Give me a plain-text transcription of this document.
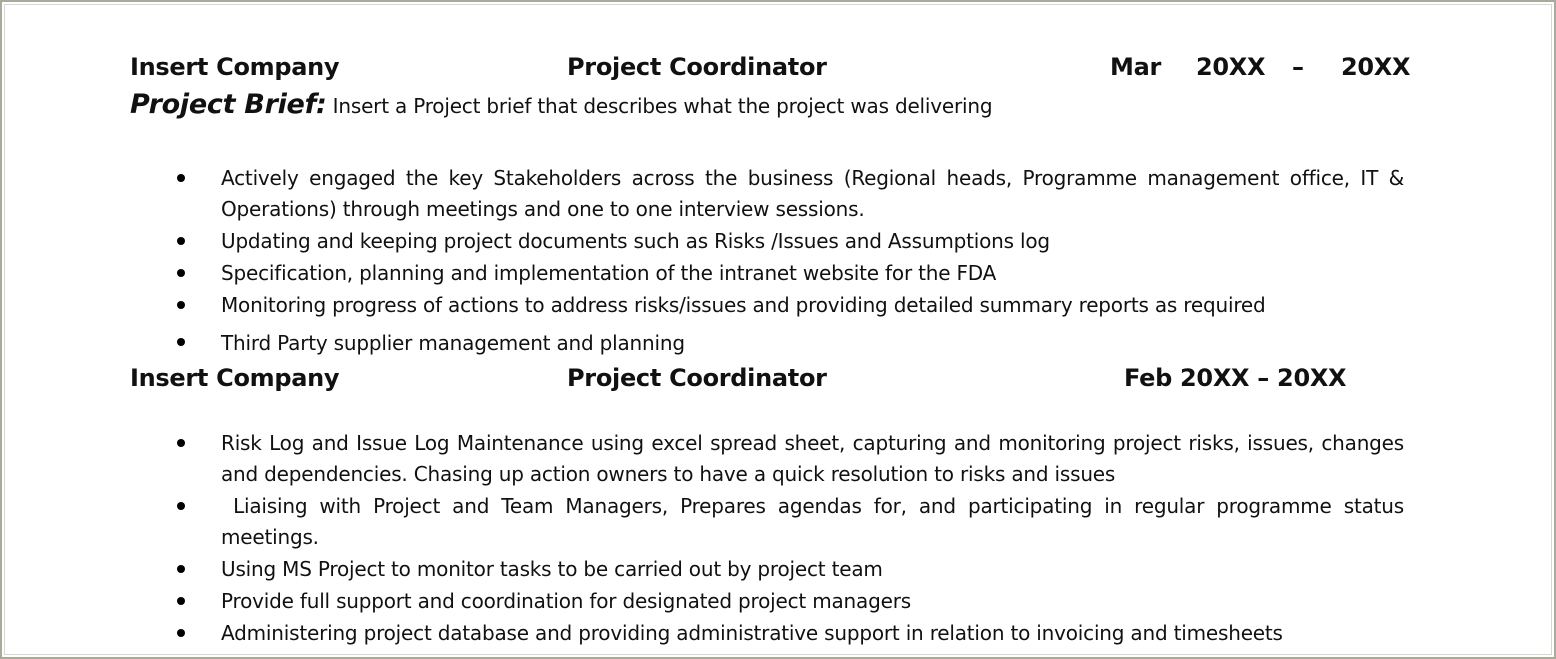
Insert Company	Project Coordinator	Mar 20XX – 20XX
Project Brief: Insert a Project brief that describes what the project was delivering
Actively engaged the key Stakeholders across the business (Regional heads, Programme management office, IT & Operations) through meetings and one to one interview sessions.
Updating and keeping project documents such as Risks /Issues and Assumptions log
Specification, planning and implementation of the intranet website for the FDA
Monitoring progress of actions to address risks/issues and providing detailed summary reports as required
Third Party supplier management and planning
Insert Company	Project Coordinator	Feb 20XX – 20XX
Risk Log and Issue Log Maintenance using excel spread sheet, capturing and monitoring project risks, issues, changes and dependencies. Chasing up action owners to have a quick resolution to risks and issues
Liaising with Project and Team Managers, Prepares agendas for, and participating in regular programme status meetings.
Using MS Project to monitor tasks to be carried out by project team
Provide full support and coordination for designated project managers
Administering project database and providing administrative support in relation to invoicing and timesheets
